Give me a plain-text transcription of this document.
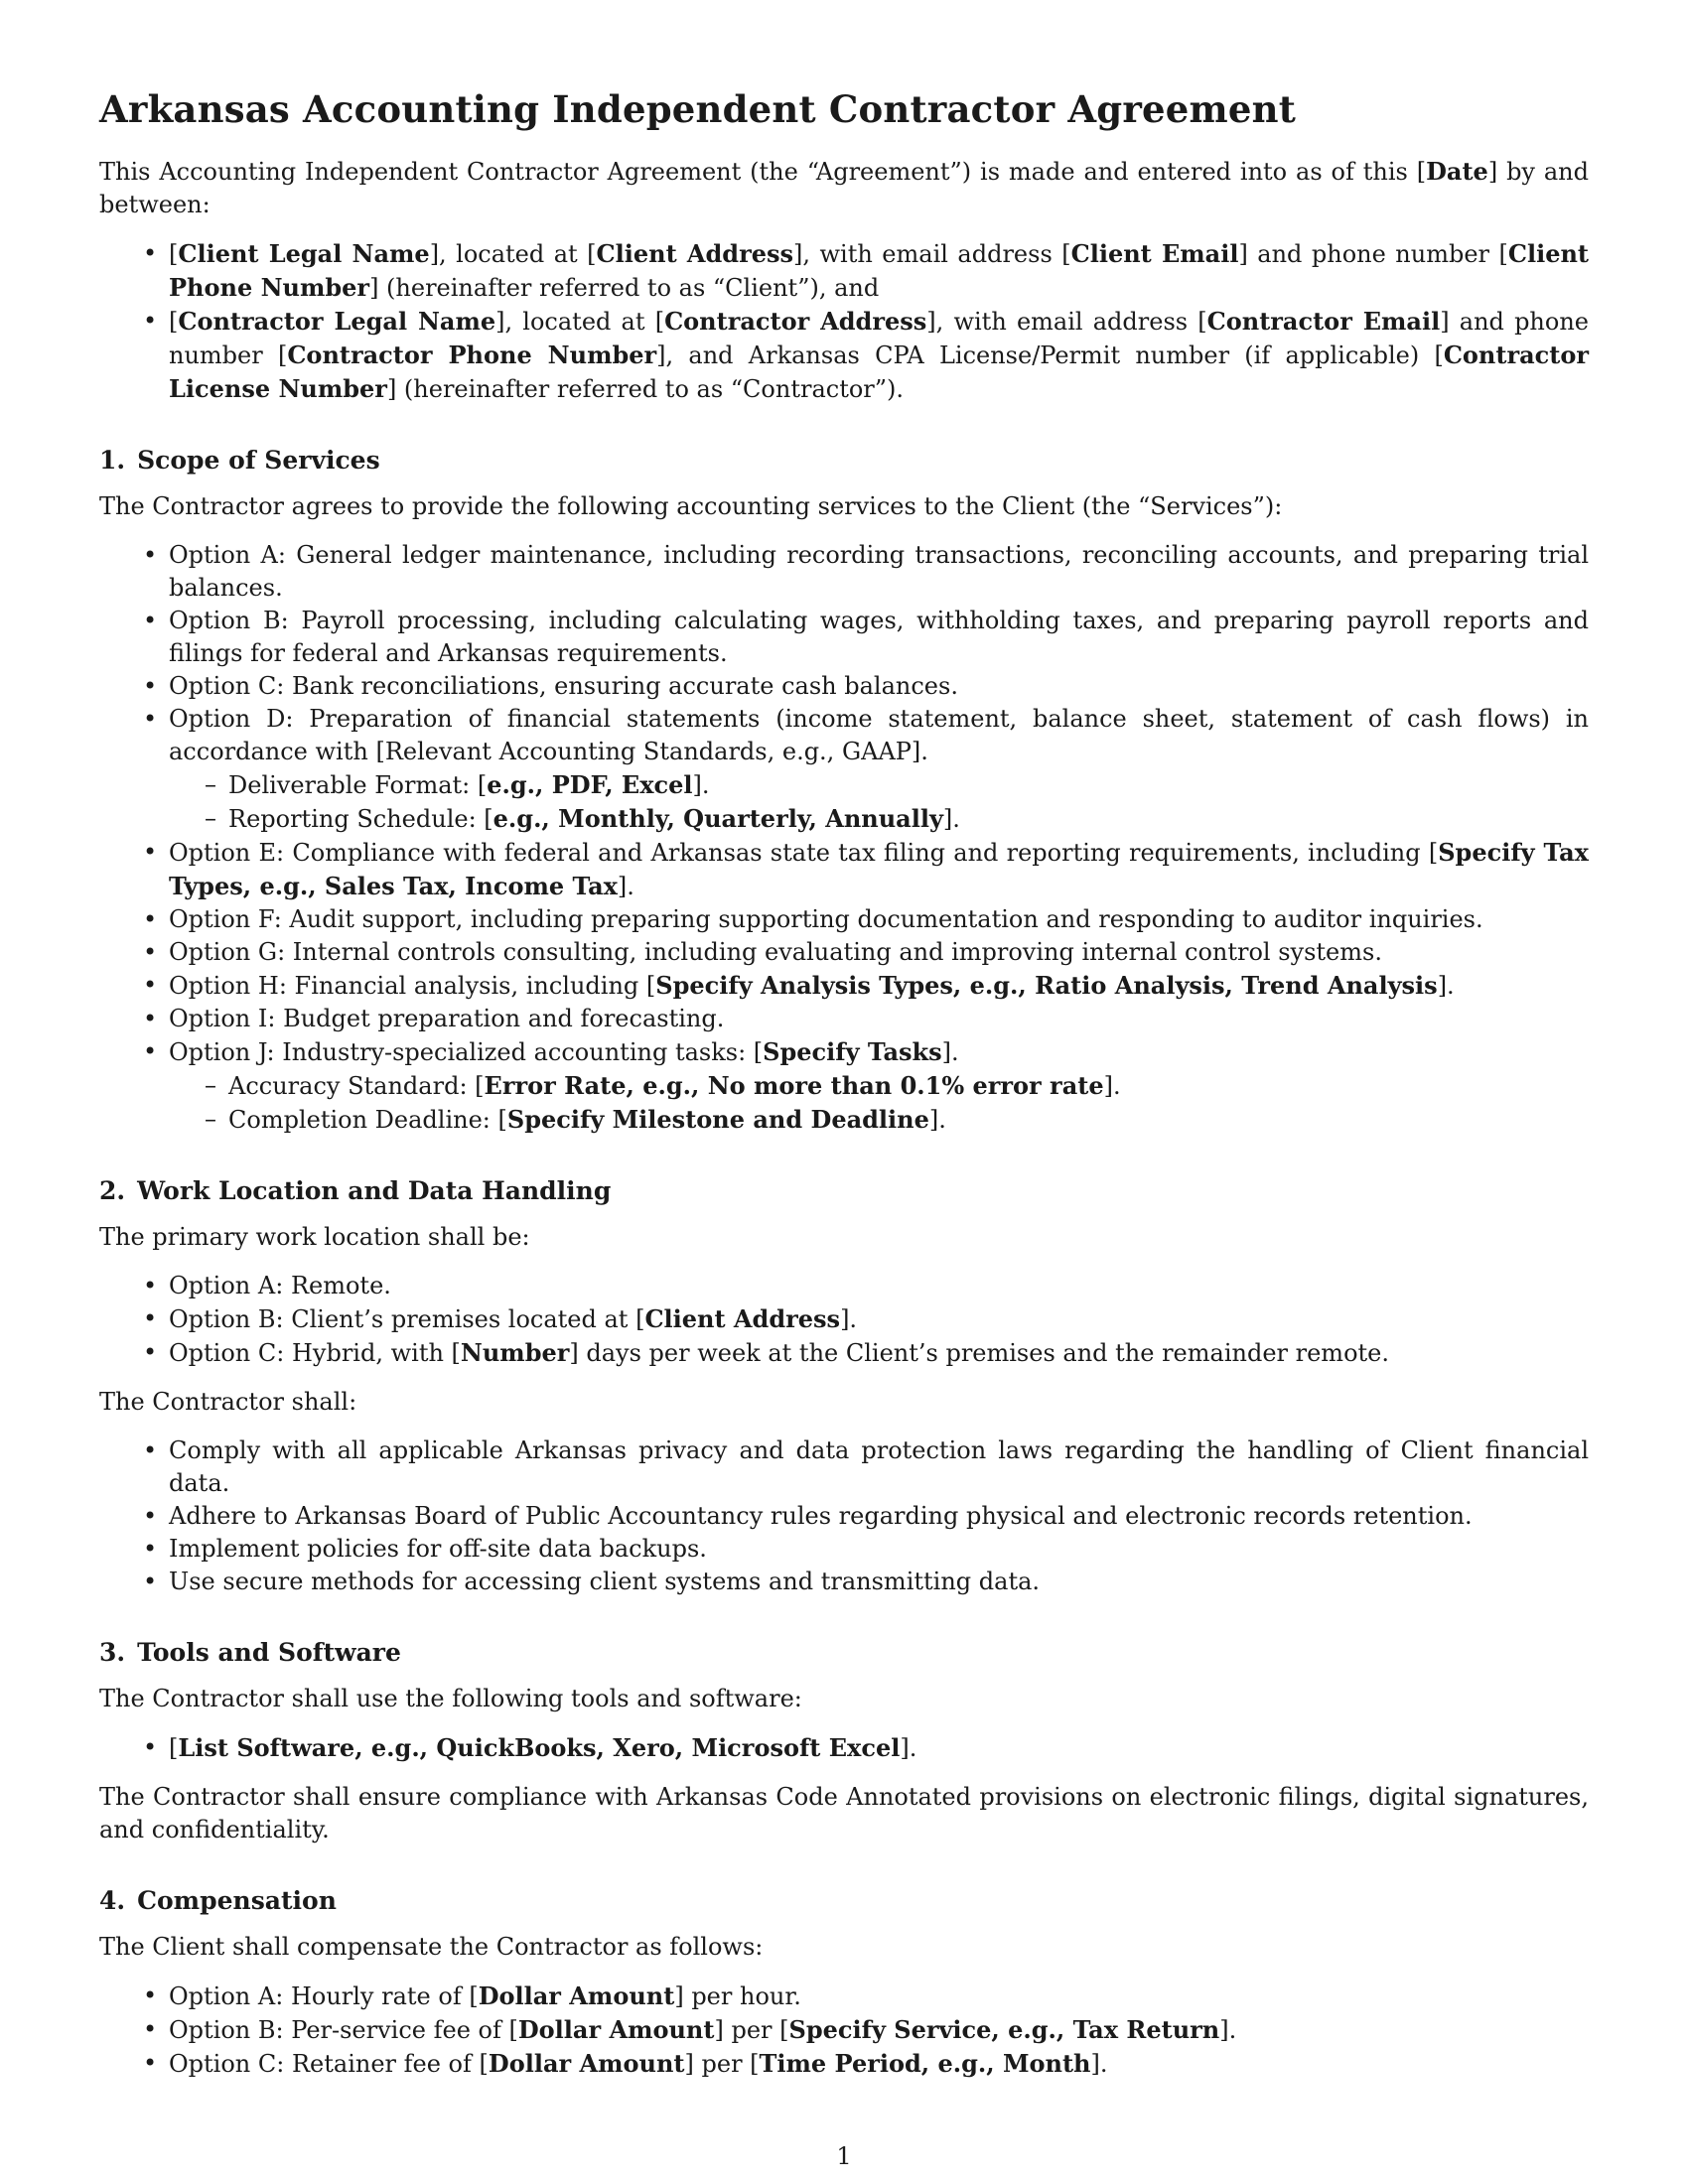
Arkansas Accounting Independent Contractor Agreement

This Accounting Independent Contractor Agreement (the “Agreement”) is made and entered into as of this [Date] by and between:

• [Client Legal Name], located at [Client Address], with email address [Client Email] and phone number [Client Phone Number] (hereinafter referred to as “Client”), and
• [Contractor Legal Name], located at [Contractor Address], with email address [Contractor Email] and phone number [Contractor Phone Number], and Arkansas CPA License/Permit number (if applicable) [Contractor License Number] (hereinafter referred to as “Contractor”).
1. Scope of Services

The Contractor agrees to provide the following accounting services to the Client (the “Services”):

• Option A: General ledger maintenance, including recording transactions, reconciling accounts, and preparing trial balances.
• Option B: Payroll processing, including calculating wages, withholding taxes, and preparing payroll reports and filings for federal and Arkansas requirements.
• Option C: Bank reconciliations, ensuring accurate cash balances.
• Option D: Preparation of financial statements (income statement, balance sheet, statement of cash flows) in accordance with [Relevant Accounting Standards, e.g., GAAP].
– Deliverable Format: [e.g., PDF, Excel].
– Reporting Schedule: [e.g., Monthly, Quarterly, Annually].
• Option E: Compliance with federal and Arkansas state tax filing and reporting requirements, including [Specify Tax Types, e.g., Sales Tax, Income Tax].
• Option F: Audit support, including preparing supporting documentation and responding to auditor inquiries.
• Option G: Internal controls consulting, including evaluating and improving internal control systems.
• Option H: Financial analysis, including [Specify Analysis Types, e.g., Ratio Analysis, Trend Analysis].
• Option I: Budget preparation and forecasting.
• Option J: Industry-specialized accounting tasks: [Specify Tasks].
– Accuracy Standard: [Error Rate, e.g., No more than 0.1% error rate].
– Completion Deadline: [Specify Milestone and Deadline].
2. Work Location and Data Handling

The primary work location shall be:

• Option A: Remote.
• Option B: Client’s premises located at [Client Address].
• Option C: Hybrid, with [Number] days per week at the Client’s premises and the remainder remote.

The Contractor shall:

• Comply with all applicable Arkansas privacy and data protection laws regarding the handling of Client financial data.
• Adhere to Arkansas Board of Public Accountancy rules regarding physical and electronic records retention.
• Implement policies for off-site data backups.
• Use secure methods for accessing client systems and transmitting data.
3. Tools and Software

The Contractor shall use the following tools and software:

• [List Software, e.g., QuickBooks, Xero, Microsoft Excel].

The Contractor shall ensure compliance with Arkansas Code Annotated provisions on electronic filings, digital signatures, and confidentiality.

4. Compensation

The Client shall compensate the Contractor as follows:

• Option A: Hourly rate of [Dollar Amount] per hour.
• Option B: Per-service fee of [Dollar Amount] per [Specify Service, e.g., Tax Return].
• Option C: Retainer fee of [Dollar Amount] per [Time Period, e.g., Month].
1
